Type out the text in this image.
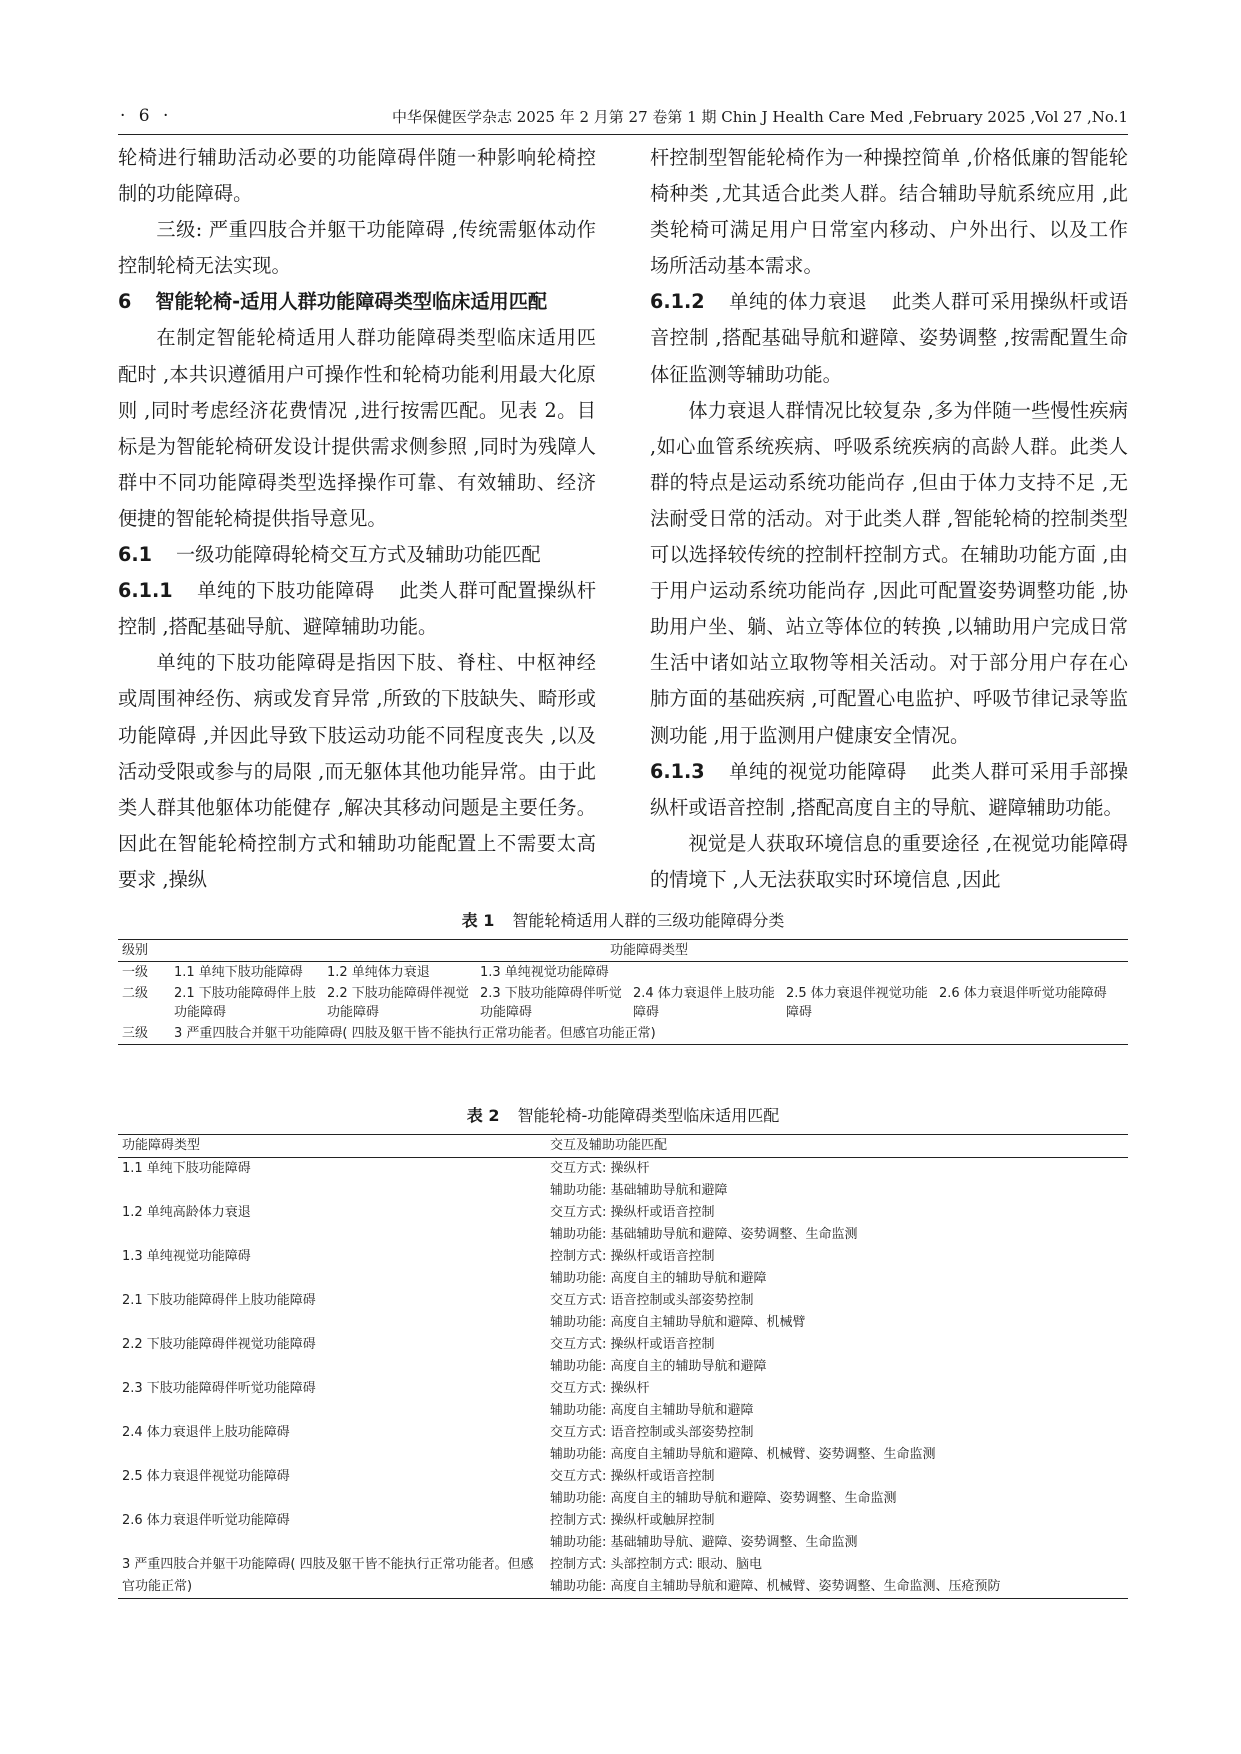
· 6 ·	中华保健医学杂志 2025 年 2 月第 27 卷第 1 期 Chin J Health Care Med ,February 2025 ,Vol 27 ,No.1

轮椅进行辅助活动必要的功能障碍伴随一种影响轮椅控制的功能障碍。

三级: 严重四肢合并躯干功能障碍 ,传统需躯体动作控制轮椅无法实现。

6 智能轮椅-适用人群功能障碍类型临床适用匹配

在制定智能轮椅适用人群功能障碍类型临床适用匹配时 ,本共识遵循用户可操作性和轮椅功能利用最大化原则 ,同时考虑经济花费情况 ,进行按需匹配。见表 2。目标是为智能轮椅研发设计提供需求侧参照 ,同时为残障人群中不同功能障碍类型选择操作可靠、有效辅助、经济便捷的智能轮椅提供指导意见。

6.1 一级功能障碍轮椅交互方式及辅助功能匹配

6.1.1 单纯的下肢功能障碍 此类人群可配置操纵杆控制 ,搭配基础导航、避障辅助功能。

单纯的下肢功能障碍是指因下肢、脊柱、中枢神经或周围神经伤、病或发育异常 ,所致的下肢缺失、畸形或功能障碍 ,并因此导致下肢运动功能不同程度丧失 ,以及活动受限或参与的局限 ,而无躯体其他功能异常。由于此类人群其他躯体功能健存 ,解决其移动问题是主要任务。因此在智能轮椅控制方式和辅助功能配置上不需要太高要求 ,操纵

杆控制型智能轮椅作为一种操控简单 ,价格低廉的智能轮椅种类 ,尤其适合此类人群。结合辅助导航系统应用 ,此类轮椅可满足用户日常室内移动、户外出行、以及工作场所活动基本需求。

6.1.2 单纯的体力衰退 此类人群可采用操纵杆或语音控制 ,搭配基础导航和避障、姿势调整 ,按需配置生命体征监测等辅助功能。

体力衰退人群情况比较复杂 ,多为伴随一些慢性疾病 ,如心血管系统疾病、呼吸系统疾病的高龄人群。此类人群的特点是运动系统功能尚存 ,但由于体力支持不足 ,无法耐受日常的活动。对于此类人群 ,智能轮椅的控制类型可以选择较传统的控制杆控制方式。在辅助功能方面 ,由于用户运动系统功能尚存 ,因此可配置姿势调整功能 ,协助用户坐、躺、站立等体位的转换 ,以辅助用户完成日常生活中诸如站立取物等相关活动。对于部分用户存在心肺方面的基础疾病 ,可配置心电监护、呼吸节律记录等监测功能 ,用于监测用户健康安全情况。

6.1.3 单纯的视觉功能障碍 此类人群可采用手部操纵杆或语音控制 ,搭配高度自主的导航、避障辅助功能。

视觉是人获取环境信息的重要途径 ,在视觉功能障碍的情境下 ,人无法获取实时环境信息 ,因此

表 1 智能轮椅适用人群的三级功能障碍分类
级别	功能障碍类型					
一级	1.1 单纯下肢功能障碍	1.2 单纯体力衰退	1.3 单纯视觉功能障碍			
二级	2.1 下肢功能障碍伴上肢功能障碍	2.2 下肢功能障碍伴视觉功能障碍	2.3 下肢功能障碍伴听觉功能障碍	2.4 体力衰退伴上肢功能障碍	2.5 体力衰退伴视觉功能障碍	2.6 体力衰退伴听觉功能障碍
三级	3 严重四肢合并躯干功能障碍( 四肢及躯干皆不能执行正常功能者。但感官功能正常)					
表 2 智能轮椅-功能障碍类型临床适用匹配
功能障碍类型	交互及辅助功能匹配
1.1 单纯下肢功能障碍	交互方式: 操纵杆
辅助功能: 基础辅助导航和避障

1.2 单纯高龄体力衰退	交互方式: 操纵杆或语音控制
辅助功能: 基础辅助导航和避障、姿势调整、生命监测

1.3 单纯视觉功能障碍	控制方式: 操纵杆或语音控制
辅助功能: 高度自主的辅助导航和避障

2.1 下肢功能障碍伴上肢功能障碍	交互方式: 语音控制或头部姿势控制
辅助功能: 高度自主辅助导航和避障、机械臂

2.2 下肢功能障碍伴视觉功能障碍	交互方式: 操纵杆或语音控制
辅助功能: 高度自主的辅助导航和避障

2.3 下肢功能障碍伴听觉功能障碍	交互方式: 操纵杆
辅助功能: 高度自主辅助导航和避障

2.4 体力衰退伴上肢功能障碍	交互方式: 语音控制或头部姿势控制
辅助功能: 高度自主辅助导航和避障、机械臂、姿势调整、生命监测

2.5 体力衰退伴视觉功能障碍	交互方式: 操纵杆或语音控制
辅助功能: 高度自主的辅助导航和避障、姿势调整、生命监测

2.6 体力衰退伴听觉功能障碍	控制方式: 操纵杆或触屏控制
辅助功能: 基础辅助导航、避障、姿势调整、生命监测

3 严重四肢合并躯干功能障碍( 四肢及躯干皆不能执行正常功能者。但感官功能正常)	控制方式: 头部控制方式: 眼动、脑电
辅助功能: 高度自主辅助导航和避障、机械臂、姿势调整、生命监测、压疮预防
